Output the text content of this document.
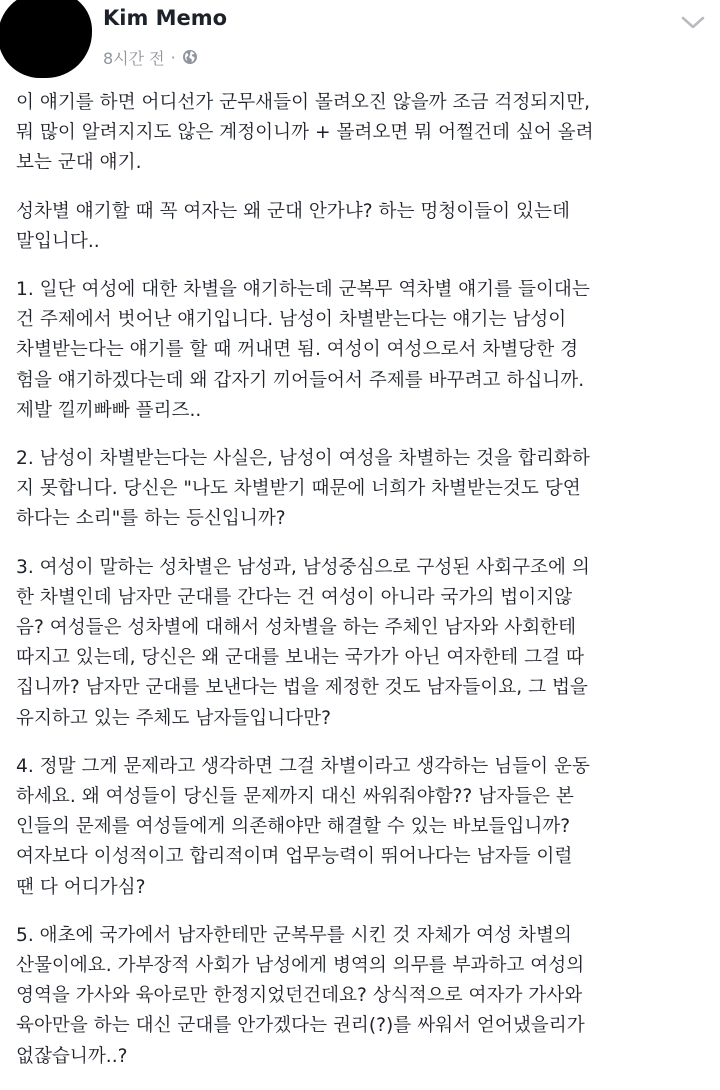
Kim Memo
8시간 전 ·

이 얘기를 하면 어디선가 군무새들이 몰려오진 않을까 조금 걱정되지만,
뭐 많이 알려지지도 않은 계정이니까 + 몰려오면 뭐 어쩔건데 싶어 올려
보는 군대 얘기.

성차별 얘기할 때 꼭 여자는 왜 군대 안가냐? 하는 멍청이들이 있는데
말입니다..

1. 일단 여성에 대한 차별을 얘기하는데 군복무 역차별 얘기를 들이대는
건 주제에서 벗어난 얘기입니다. 남성이 차별받는다는 얘기는 남성이
차별받는다는 얘기를 할 때 꺼내면 됨. 여성이 여성으로서 차별당한 경
험을 얘기하겠다는데 왜 갑자기 끼어들어서 주제를 바꾸려고 하십니까.
제발 낄끼빠빠 플리즈..

2. 남성이 차별받는다는 사실은, 남성이 여성을 차별하는 것을 합리화하
지 못합니다. 당신은 "나도 차별받기 때문에 너희가 차별받는것도 당연
하다는 소리"를 하는 등신입니까?

3. 여성이 말하는 성차별은 남성과, 남성중심으로 구성된 사회구조에 의
한 차별인데 남자만 군대를 간다는 건 여성이 아니라 국가의 법이지않
음? 여성들은 성차별에 대해서 성차별을 하는 주체인 남자와 사회한테
따지고 있는데, 당신은 왜 군대를 보내는 국가가 아닌 여자한테 그걸 따
집니까? 남자만 군대를 보낸다는 법을 제정한 것도 남자들이요, 그 법을
유지하고 있는 주체도 남자들입니다만?

4. 정말 그게 문제라고 생각하면 그걸 차별이라고 생각하는 님들이 운동
하세요. 왜 여성들이 당신들 문제까지 대신 싸워줘야함?? 남자들은 본
인들의 문제를 여성들에게 의존해야만 해결할 수 있는 바보들입니까?
여자보다 이성적이고 합리적이며 업무능력이 뛰어나다는 남자들 이럴
땐 다 어디가심?

5. 애초에 국가에서 남자한테만 군복무를 시킨 것 자체가 여성 차별의
산물이에요. 가부장적 사회가 남성에게 병역의 의무를 부과하고 여성의
영역을 가사와 육아로만 한정지었던건데요? 상식적으로 여자가 가사와
육아만을 하는 대신 군대를 안가겠다는 권리(?)를 싸워서 얻어냈을리가
없잖습니까..?
